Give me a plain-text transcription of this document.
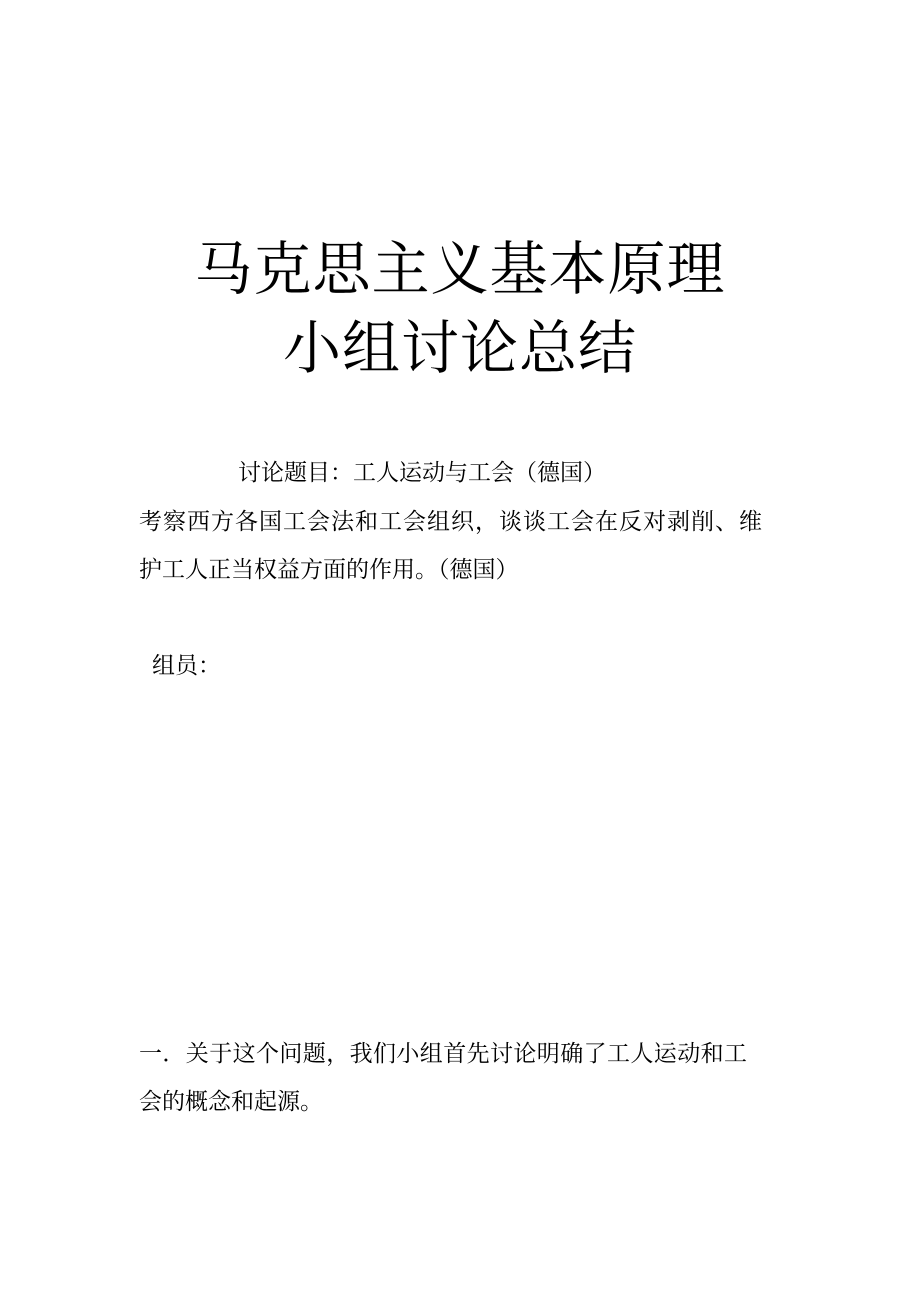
马克思主义基本原理
小组讨论总结
讨论题目：工人运动与工会（德国）
考察西方各国工会法和工会组织，谈谈工会在反对剥削、维
护工人正当权益方面的作用。（德国）
组员：
一．关于这个问题，我们小组首先讨论明确了工人运动和工
会的概念和起源。
